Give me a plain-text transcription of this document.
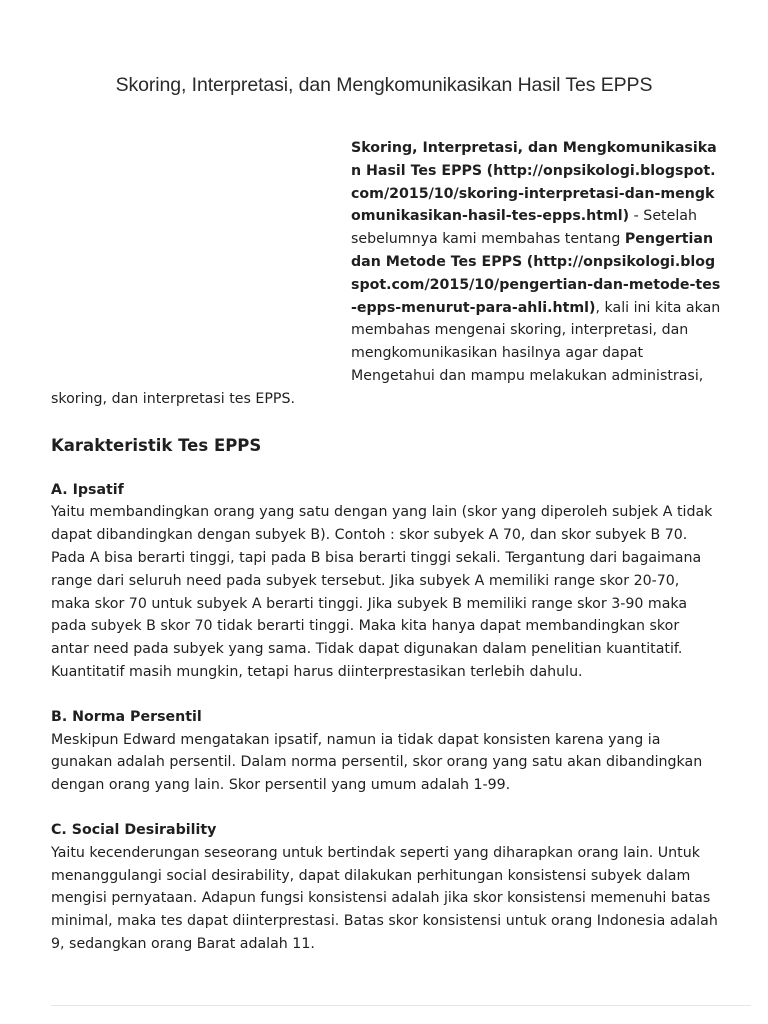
Skoring, Interpretasi, dan Mengkomunikasikan Hasil Tes EPPS

Skoring, Interpretasi, dan Mengkomunikasikan Hasil Tes EPPS (http://onpsikologi.blogspot.com/2015/10/skoring-interpretasi-dan-mengkomunikasikan-hasil-tes-epps.html) - Setelah sebelumnya kami membahas tentang Pengertian dan Metode Tes EPPS (http://onpsikologi.blogspot.com/2015/10/pengertian-dan-metode-tes-epps-menurut-para-ahli.html), kali ini kita akan membahas mengenai skoring, interpretasi, dan mengkomunikasikan hasilnya agar dapat Mengetahui dan mampu melakukan administrasi, skoring, dan interpretasi tes EPPS.

Karakteristik Tes EPPS
A. Ipsatif

Yaitu membandingkan orang yang satu dengan yang lain (skor yang diperoleh subjek A tidak dapat dibandingkan dengan subyek B). Contoh : skor subyek A 70, dan skor subyek B 70. Pada A bisa berarti tinggi, tapi pada B bisa berarti tinggi sekali. Tergantung dari bagaimana range dari seluruh need pada subyek tersebut. Jika subyek A memiliki range skor 20-70, maka skor 70 untuk subyek A berarti tinggi. Jika subyek B memiliki range skor 3-90 maka pada subyek B skor 70 tidak berarti tinggi. Maka kita hanya dapat membandingkan skor antar need pada subyek yang sama. Tidak dapat digunakan dalam penelitian kuantitatif. Kuantitatif masih mungkin, tetapi harus diinterprestasikan terlebih dahulu.

B. Norma Persentil

Meskipun Edward mengatakan ipsatif, namun ia tidak dapat konsisten karena yang ia gunakan adalah persentil. Dalam norma persentil, skor orang yang satu akan dibandingkan dengan orang yang lain. Skor persentil yang umum adalah 1-99.

C. Social Desirability

Yaitu kecenderungan seseorang untuk bertindak seperti yang diharapkan orang lain. Untuk menanggulangi social desirability, dapat dilakukan perhitungan konsistensi subyek dalam mengisi pernyataan. Adapun fungsi konsistensi adalah jika skor konsistensi memenuhi batas minimal, maka tes dapat diinterprestasi. Batas skor konsistensi untuk orang Indonesia adalah 9, sedangkan orang Barat adalah 11.
